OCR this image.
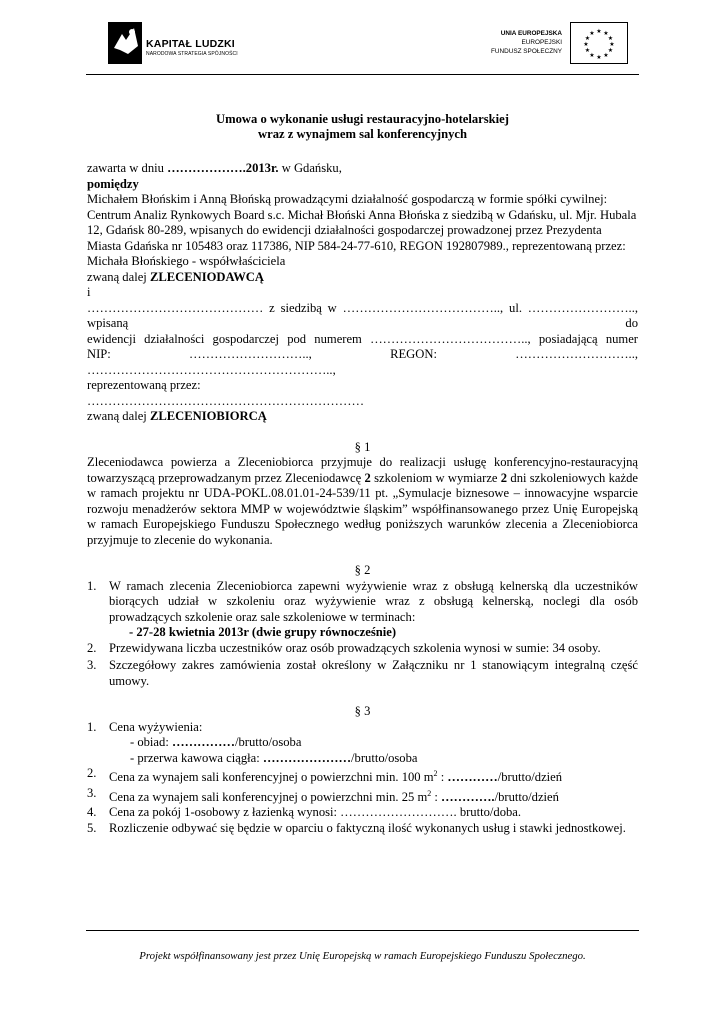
KAPITAŁ LUDZKI
NARODOWA STRATEGIA SPÓJNOŚCI
UNIA EUROPEJSKA
EUROPEJSKI
FUNDUSZ SPOŁECZNY
★ ★
★
★
★
★
★
★
★
★
★
★
Umowa o wykonanie usługi restauracyjno-hotelarskiej
wraz z wynajmem sal konferencyjnych

zawarta w dniu ……………….2013r. w Gdańsku,

pomiędzy

Michałem Błońskim i Anną Błońską prowadzącymi działalność gospodarczą w formie spółki cywilnej: Centrum Analiz Rynkowych Board s.c. Michał Błoński Anna Błońska z siedzibą w Gdańsku, ul. Mjr. Hubala 12, Gdańsk 80-289, wpisanych do ewidencji działalności gospodarczej prowadzonej przez Prezydenta Miasta Gdańska nr 105483 oraz 117386, NIP 584-24-77-610, REGON 192807989., reprezentowaną przez:

Michała Błońskiego - współwłaściciela

zwaną dalej ZLECENIODAWCĄ

i

…………………………………… z siedzibą w ……………………………….., ul. …………………….., wpisaną do

ewidencji działalności gospodarczej pod numerem ……………………………….., posiadającą numer

NIP: ……………………….., REGON: ……………………….., …………………………………………………..,

reprezentowaną przez:

…………………………………………………………

zwaną dalej ZLECENIOBIORCĄ

§ 1

Zleceniodawca powierza a Zleceniobiorca przyjmuje do realizacji usługę konferencyjno-restauracyjną towarzyszącą przeprowadzanym przez Zleceniodawcę 2 szkoleniom w wymiarze 2 dni szkoleniowych każde w ramach projektu nr UDA-POKL.08.01.01-24-539/11 pt. „Symulacje biznesowe – innowacyjne wsparcie rozwoju menadżerów sektora MMP w województwie śląskim” współfinansowanego przez Unię Europejską w ramach Europejskiego Funduszu Społecznego według poniższych warunków zlecenia a Zleceniobiorca przyjmuje to zlecenie do wykonania.

§ 2

1. W ramach zlecenia Zleceniobiorca zapewni wyżywienie wraz z obsługą kelnerską dla uczestników biorących udział w szkoleniu oraz wyżywienie wraz z obsługą kelnerską, noclegi dla osób prowadzących szkolenie oraz sale szkoleniowe w terminach:
- 27-28 kwietnia 2013r (dwie grupy równocześnie)
2. Przewidywana liczba uczestników oraz osób prowadzących szkolenia wynosi w sumie: 34 osoby.
3. Szczegółowy zakres zamówienia został określony w Załączniku nr 1 stanowiącym integralną część umowy.

§ 3

1. Cena wyżywienia:
- obiad: ……………/brutto/osoba
- przerwa kawowa ciągła: …………………/brutto/osoba
2. Cena za wynajem sali konferencyjnej o powierzchni min. 100 $m^2$ : …………/brutto/dzień
3. Cena za wynajem sali konferencyjnej o powierzchni min. 25 $m^2$ : …………./brutto/dzień
4. Cena za pokój 1-osobowy z łazienką wynosi: ………………………. brutto/doba.
5. Rozliczenie odbywać się będzie w oparciu o faktyczną ilość wykonanych usług i stawki jednostkowej.
Projekt współfinansowany jest przez Unię Europejską w ramach Europejskiego Funduszu Społecznego.
